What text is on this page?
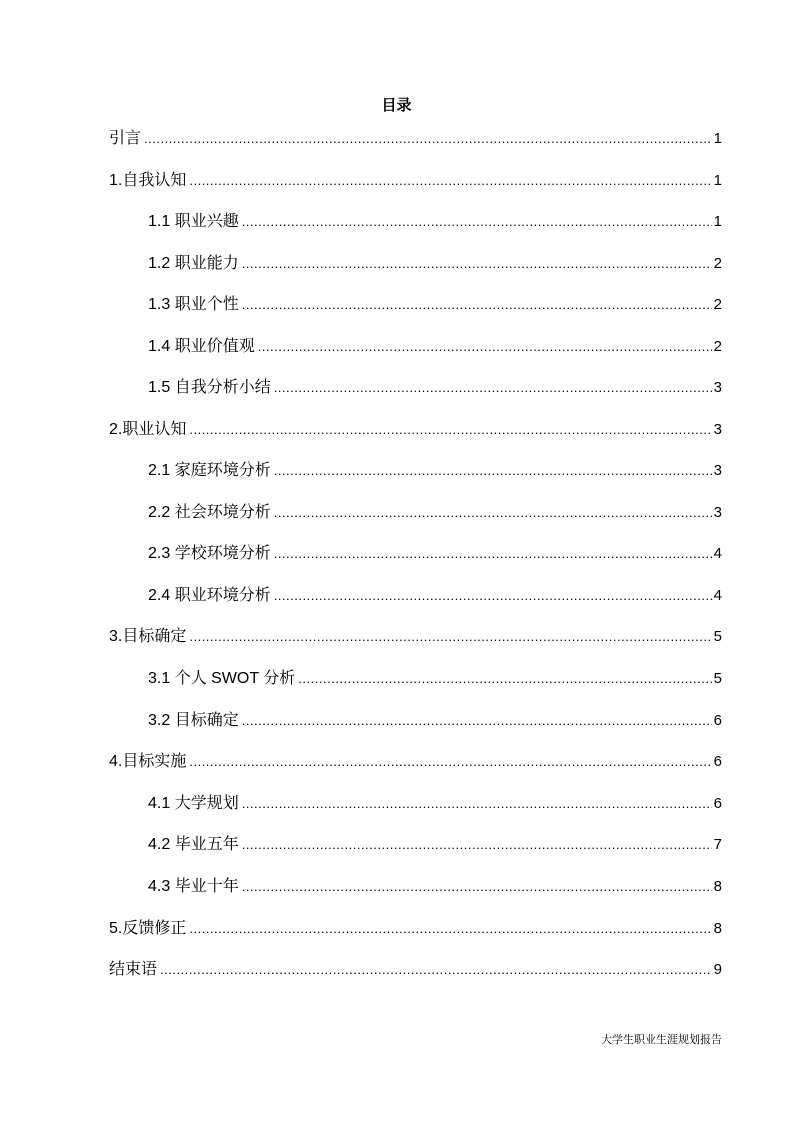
目录
引言 .....	1
1.自我认知 .....	1
1.1 职业兴趣 .....	1
1.2 职业能力 .....	2
1.3 职业个性 .....	2
1.4 职业价值观 .....	2
1.5 自我分析小结 .....	3
2.职业认知 .....	3
2.1 家庭环境分析 .....	3
2.2 社会环境分析 .....	3
2.3 学校环境分析 .....	4
2.4 职业环境分析 .....	4
3.目标确定 .....	5
3.1 个人 SWOT 分析 .....	5
3.2 目标确定 .....	6
4.目标实施 .....	6
4.1 大学规划 .....	6
4.2 毕业五年 .....	7
4.3 毕业十年 .....	8
5.反馈修正 .....	8
结束语 .....	9
大学生职业生涯规划报告
